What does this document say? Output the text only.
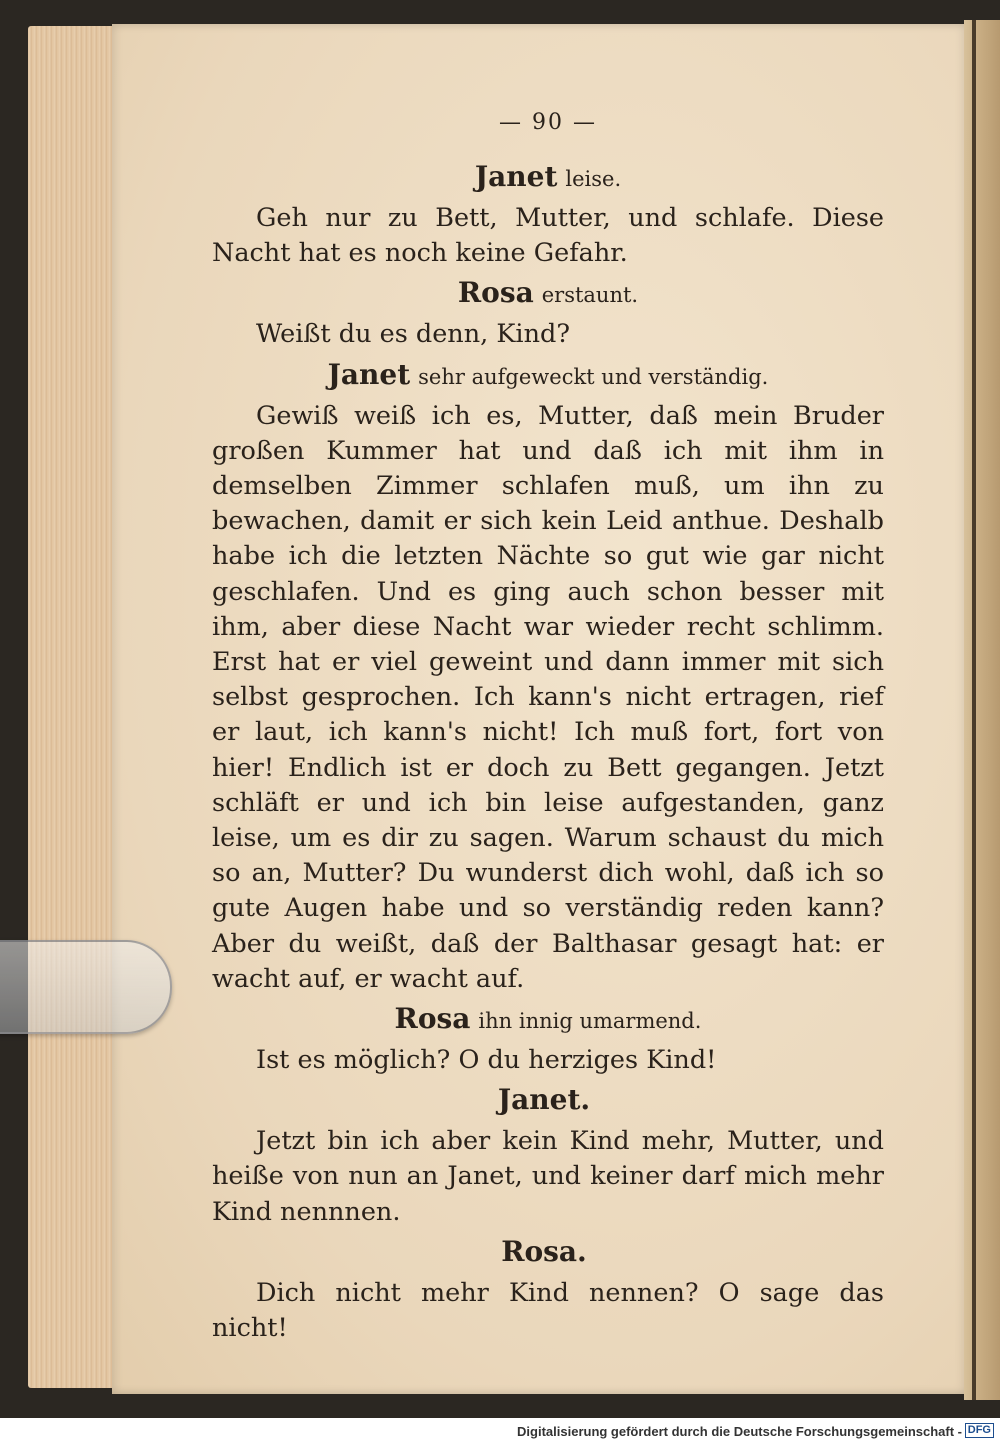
— 90 —

Janet leise.

Geh nur zu Bett, Mutter, und schlafe. Diese Nacht hat es noch keine Gefahr.

Rosa erstaunt.

Weißt du es denn, Kind?

Janet sehr aufgeweckt und verständig.

Gewiß weiß ich es, Mutter, daß mein Bruder großen Kummer hat und daß ich mit ihm in demselben Zimmer schlafen muß, um ihn zu bewachen, damit er sich kein Leid anthue. Deshalb habe ich die letzten Nächte so gut wie gar nicht geschlafen. Und es ging auch schon besser mit ihm, aber diese Nacht war wieder recht schlimm. Erst hat er viel geweint und dann immer mit sich selbst gesprochen. Ich kann's nicht ertragen, rief er laut, ich kann's nicht! Ich muß fort, fort von hier! Endlich ist er doch zu Bett gegangen. Jetzt schläft er und ich bin leise aufgestanden, ganz leise, um es dir zu sagen. Warum schaust du mich so an, Mutter? Du wunderst dich wohl, daß ich so gute Augen habe und so verständig reden kann? Aber du weißt, daß der Balthasar gesagt hat: er wacht auf, er wacht auf.

Rosa ihn innig umarmend.

Ist es möglich? O du herziges Kind!

Janet.

Jetzt bin ich aber kein Kind mehr, Mutter, und heiße von nun an Janet, und keiner darf mich mehr Kind nennnen.

Rosa.

Dich nicht mehr Kind nennen? O sage das nicht!

Digitalisierung gefördert durch die Deutsche Forschungsgemeinschaft - DFG
